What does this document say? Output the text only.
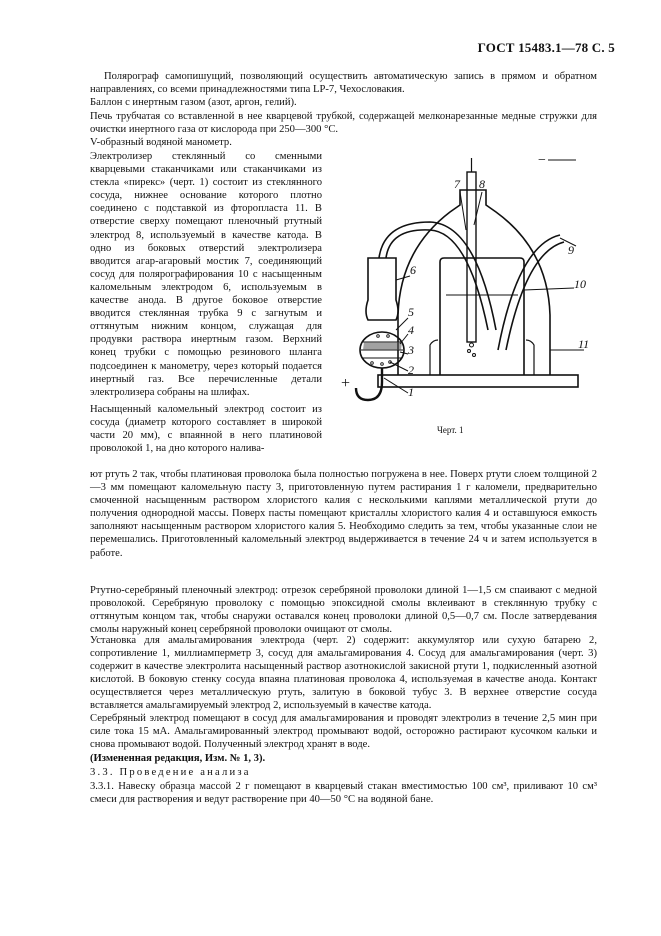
ГОСТ 15483.1—78 С. 5

Полярограф самопишущий, позволяющий осуществить автоматическую запись в прямом и обратном направлениях, со всеми принадлежностями типа LP-7, Чехословакия.

Баллон с инертным газом (азот, аргон, гелий).

Печь трубчатая со вставленной в нее кварцевой трубкой, содержащей мелконарезанные медные стружки для очистки инертного газа от кислорода при 250—300 °С.

V-образный водяной манометр.

Электролизер стеклянный со сменными кварцевыми стаканчиками или стаканчиками из стекла «пирекс» (черт. 1) состоит из стеклянного сосуда, нижнее основание которого плотно соединено с подставкой из фторопласта 11. В отверстие сверху помещают пленочный ртутный электрод 8, используемый в качестве катода. В одно из боковых отверстий электролизера вводится агар-агаровый мостик 7, соединяющий сосуд для полярографирования 10 с насыщенным каломельным электродом 6, используемым в качестве анода. В другое боковое отверстие вводится стеклянная трубка 9 с загнутым и оттянутым нижним концом, служащая для продувки раствора инертным газом. Верхний конец трубки с помощью резинового шланга подсоединен к манометру, через который подается инертный газ. Все перечисленные детали электролизера собраны на шлифах.

Насыщенный каломельный электрод состоит из сосуда (диаметр которого составляет в широкой части 20 мм), с впаянной в него платиновой проволокой 1, на дно которого налива-

ют ртуть 2 так, чтобы платиновая проволока была полностью погружена в нее. Поверх ртути слоем толщиной 2—3 мм помещают каломельную пасту 3, приготовленную путем растирания 1 г каломели, предварительно смоченной насыщенным раствором хлористого калия с несколькими каплями металлической ртути до получения однородной массы. Поверх пасты помещают кристаллы хлористого калия 4 и оставшуюся емкость заполняют насыщенным раствором хлористого калия 5. Необходимо следить за тем, чтобы указанные слои не перемешались. Приготовленный каломельный электрод выдерживается в течение 24 ч и затем используется в работе.

Ртутно-серебряный пленочный электрод: отрезок серебряной проволоки длиной 1—1,5 см спаивают с медной проволокой. Серебряную проволоку с помощью эпоксидной смолы вклеивают в стеклянную трубку с оттянутым концом так, чтобы снаружи оставался конец проволоки длиной 0,5—0,7 см. После затвердевания смолы наружный конец серебряной проволоки очищают от смолы.

Установка для амальгамирования электрода (черт. 2) содержит: аккумулятор или сухую батарею 2, сопротивление 1, миллиамперметр 3, сосуд для амальгамирования 4. Сосуд для амальгамирования (черт. 3) содержит в качестве электролита насыщенный раствор азотнокислой закисной ртути 1, подкисленный азотной кислотой. В боковую стенку сосуда впаяна платиновая проволока 4, используемая в качестве анода. Контакт осуществляется через металлическую ртуть, залитую в боковой тубус 3. В верхнее отверстие сосуда вставляется амальгамируемый электрод 2, используемый в качестве катода.

Серебряный электрод помещают в сосуд для амальгамирования и проводят электролиз в течение 2,5 мин при силе тока 15 мА. Амальгамированный электрод промывают водой, осторожно растирают кусочком кальки и снова промывают водой. Полученный электрод хранят в воде.

(Измененная редакция, Изм. № 1, 3).

3.3. Проведение анализа

3.3.1. Навеску образца массой 2 г помещают в кварцевый стакан вместимостью 100 см³, приливают 10 см³ смеси для растворения и ведут растворение при 40—50 °С на водяной бане.

−
7 8
9
10
11
6
5
4
3
2
1
+
Черт. 1
